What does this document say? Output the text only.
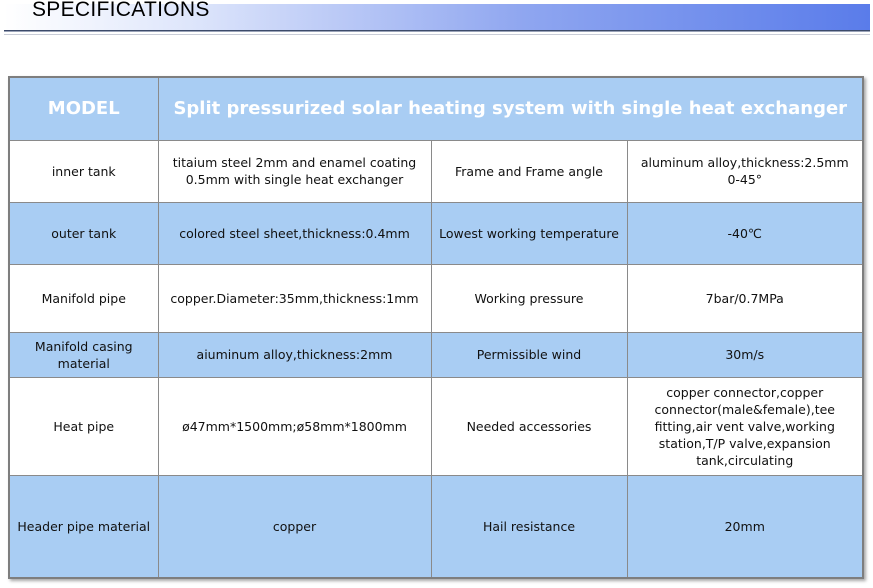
SPECIFICATIONS
MODEL	Split pressurized solar heating system with single heat exchanger		
inner tank	titaium steel 2mm and enamel coating 0.5mm with single heat exchanger	Frame and Frame angle	aluminum alloy,thickness:2.5mm 0-45°
outer tank	colored steel sheet,thickness:0.4mm	Lowest working temperature	-40℃
Manifold pipe	copper.Diameter:35mm,thickness:1mm	Working pressure	7bar/0.7MPa
Manifold casing material	aiuminum alloy,thickness:2mm	Permissible wind	30m/s
Heat pipe	ø47mm*1500mm;ø58mm*1800mm	Needed accessories	copper connector,copper connector(male&female),tee fitting,air vent valve,working station,T/P valve,expansion tank,circulating
Header pipe material	copper	Hail resistance	20mm
